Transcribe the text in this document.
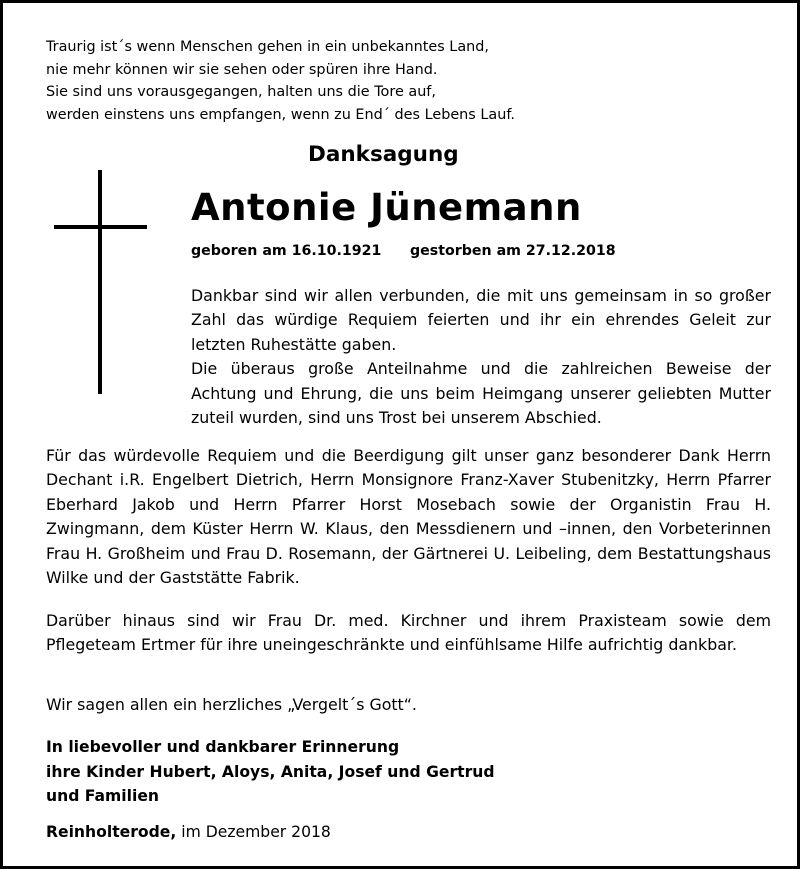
Traurig ist´s wenn Menschen gehen in ein unbekanntes Land,
nie mehr können wir sie sehen oder spüren ihre Hand.
Sie sind uns vorausgegangen, halten uns die Tore auf,
werden einstens uns empfangen, wenn zu End´ des Lebens Lauf.
Danksagung
Antonie Jünemann
geboren am 16.10.1921 gestorben am 27.12.2018
Dankbar sind wir allen verbunden, die mit uns gemeinsam in so großer Zahl das würdige Requiem feierten und ihr ein ehrendes Geleit zur letzten Ruhestätte gaben.
Die überaus große Anteilnahme und die zahlreichen Beweise der Achtung und Ehrung, die uns beim Heimgang unserer geliebten Mutter zuteil wurden, sind uns Trost bei unserem Abschied.
Für das würdevolle Requiem und die Beerdigung gilt unser ganz besonderer Dank Herrn Dechant i.R. Engelbert Dietrich, Herrn Monsignore Franz-Xaver Stubenitzky, Herrn Pfarrer Eberhard Jakob und Herrn Pfarrer Horst Mosebach sowie der Organistin Frau H. Zwingmann, dem Küster Herrn W. Klaus, den Messdienern und –innen, den Vorbeterinnen Frau H. Großheim und Frau D. Rosemann, der Gärtnerei U. Leibeling, dem Bestattungshaus Wilke und der Gaststätte Fabrik.
Darüber hinaus sind wir Frau Dr. med. Kirchner und ihrem Praxisteam sowie dem Pflegeteam Ertmer für ihre uneingeschränkte und einfühlsame Hilfe aufrichtig dankbar.
Wir sagen allen ein herzliches „Vergelt´s Gott“.
In liebevoller und dankbarer Erinnerung
ihre Kinder Hubert, Aloys, Anita, Josef und Gertrud
und Familien
Reinholterode, im Dezember 2018
